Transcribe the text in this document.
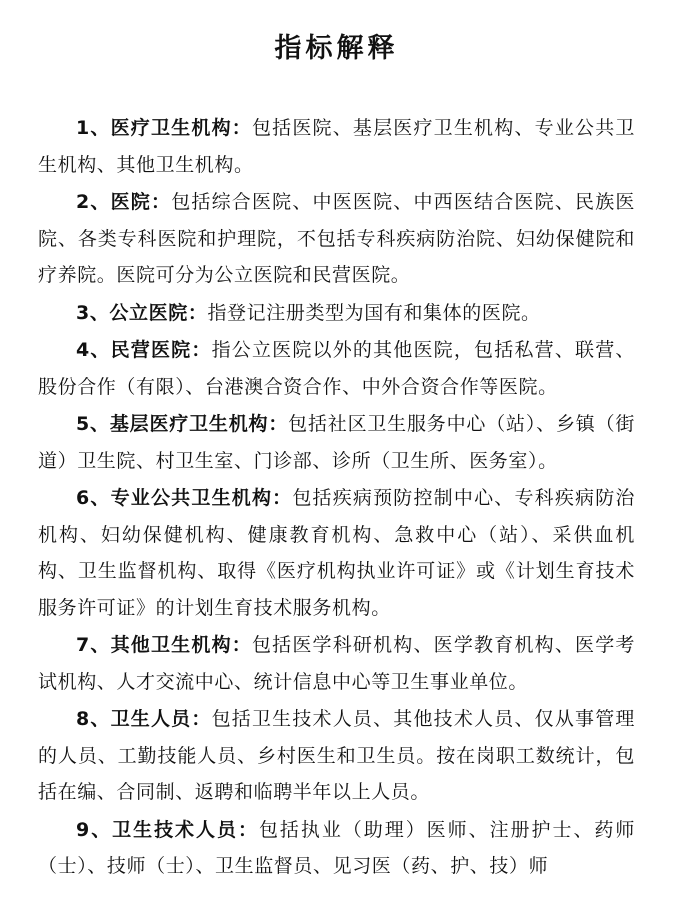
指标解释

1、医疗卫生机构：包括医院、基层医疗卫生机构、专业公共卫生机构、其他卫生机构。

2、医院：包括综合医院、中医医院、中西医结合医院、民族医院、各类专科医院和护理院，不包括专科疾病防治院、妇幼保健院和疗养院。医院可分为公立医院和民营医院。

3、公立医院：指登记注册类型为国有和集体的医院。

4、民营医院：指公立医院以外的其他医院，包括私营、联营、股份合作（有限）、台港澳合资合作、中外合资合作等医院。

5、基层医疗卫生机构：包括社区卫生服务中心（站）、乡镇（街道）卫生院、村卫生室、门诊部、诊所（卫生所、医务室）。

6、专业公共卫生机构：包括疾病预防控制中心、专科疾病防治机构、妇幼保健机构、健康教育机构、急救中心（站）、采供血机构、卫生监督机构、取得《医疗机构执业许可证》或《计划生育技术服务许可证》的计划生育技术服务机构。

7、其他卫生机构：包括医学科研机构、医学教育机构、医学考试机构、人才交流中心、统计信息中心等卫生事业单位。

8、卫生人员：包括卫生技术人员、其他技术人员、仅从事管理的人员、工勤技能人员、乡村医生和卫生员。按在岗职工数统计，包括在编、合同制、返聘和临聘半年以上人员。

9、卫生技术人员：包括执业（助理）医师、注册护士、药师（士）、技师（士）、卫生监督员、见习医（药、护、技）师
